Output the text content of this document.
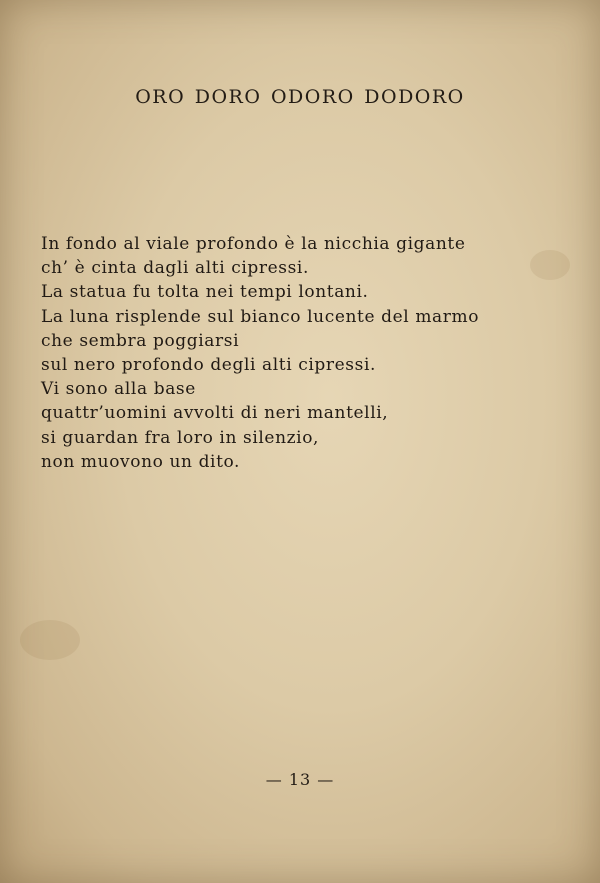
ORO DORO ODORO DODORO
In fondo al viale profondo è la nicchia gigante
ch’ è cinta dagli alti cipressi.
La statua fu tolta nei tempi lontani.
La luna risplende sul bianco lucente del marmo
che sembra poggiarsi
sul nero profondo degli alti cipressi.
Vi sono alla base
quattr’uomini avvolti di neri mantelli,
si guardan fra loro in silenzio,
non muovono un dito.
— 13 —
